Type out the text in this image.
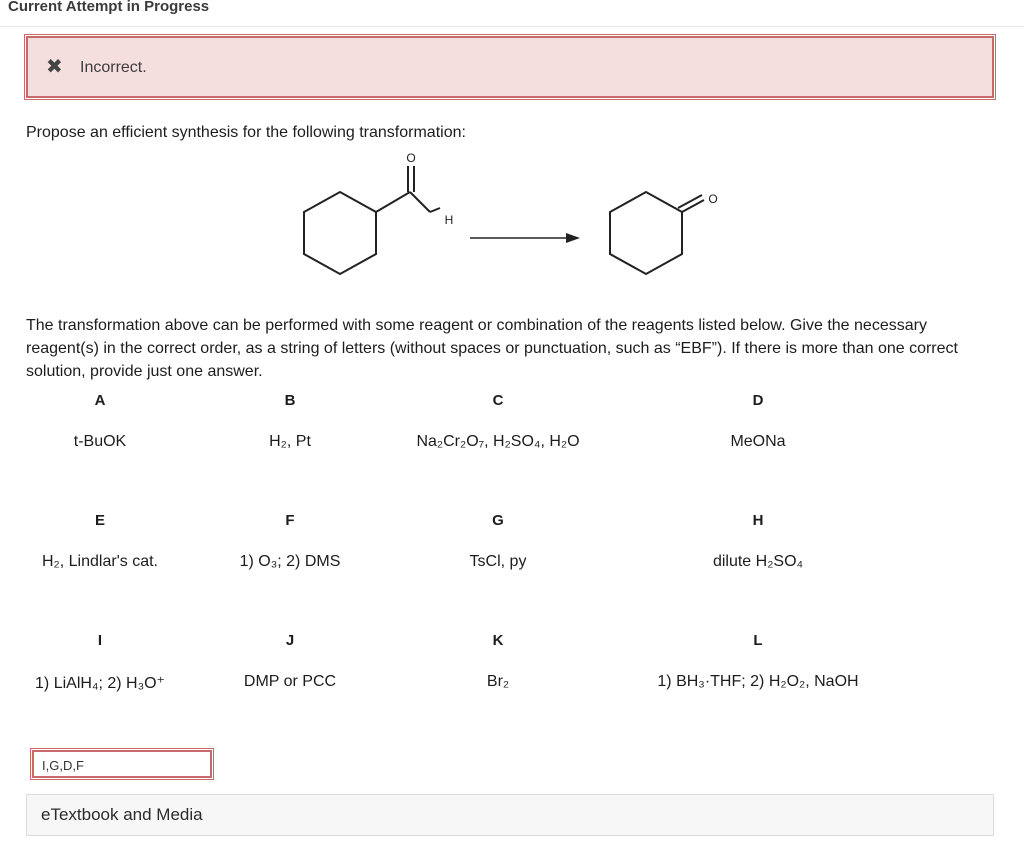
Current Attempt in Progress
✖ Incorrect.
Propose an efficient synthesis for the following transformation:
O
H
O
The transformation above can be performed with some reagent or combination of the reagents listed below. Give the necessary reagent(s) in the correct order, as a string of letters (without spaces or punctuation, such as “EBF”). If there is more than one correct solution, provide just one answer.
A
t-BuOK
B
H₂, Pt
C
Na₂Cr₂O₇, H₂SO₄, H₂O
D
MeONa
E
H₂, Lindlar's cat.
F
1) O₃; 2) DMS
G
TsCl, py
H
dilute H₂SO₄
I
1) LiAlH₄; 2) H₃O⁺
J
DMP or PCC
K
Br₂
L
1) BH₃·THF; 2) H₂O₂, NaOH
I,G,D,F
eTextbook and Media
